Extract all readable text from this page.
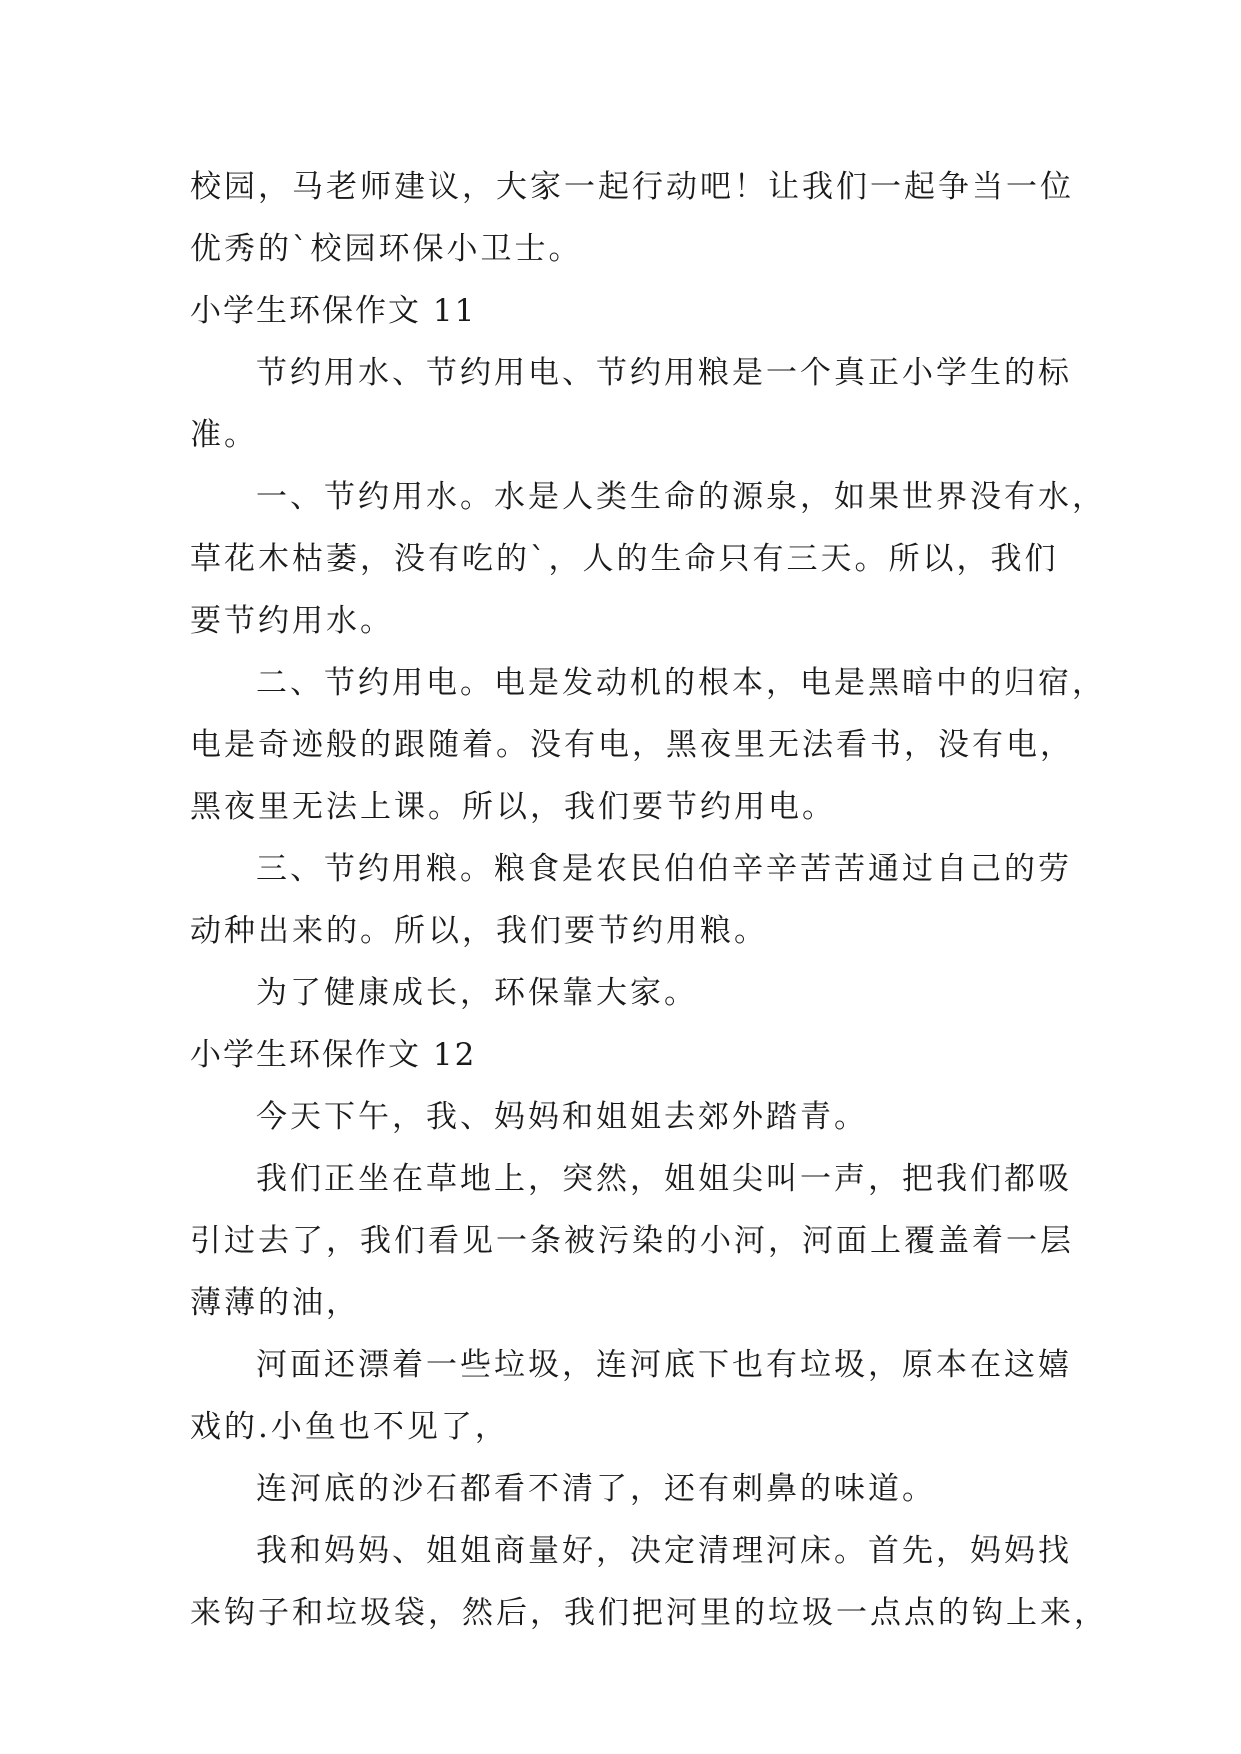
校园，马老师建议，大家一起行动吧！让我们一起争当一位
优秀的`校园环保小卫士。
小学生环保作文 11
节约用水、节约用电、节约用粮是一个真正小学生的标
准。
一、节约用水。水是人类生命的源泉，如果世界没有水，
草花木枯萎，没有吃的`，人的生命只有三天。所以，我们
要节约用水。
二、节约用电。电是发动机的根本，电是黑暗中的归宿，
电是奇迹般的跟随着。没有电，黑夜里无法看书，没有电，
黑夜里无法上课。所以，我们要节约用电。
三、节约用粮。粮食是农民伯伯辛辛苦苦通过自己的劳
动种出来的。所以，我们要节约用粮。
为了健康成长，环保靠大家。
小学生环保作文 12
今天下午，我、妈妈和姐姐去郊外踏青。
我们正坐在草地上，突然，姐姐尖叫一声，把我们都吸
引过去了，我们看见一条被污染的小河，河面上覆盖着一层
薄薄的油，
河面还漂着一些垃圾，连河底下也有垃圾，原本在这嬉
戏的.小鱼也不见了，
连河底的沙石都看不清了，还有刺鼻的味道。
我和妈妈、姐姐商量好，决定清理河床。首先，妈妈找
来钩子和垃圾袋，然后，我们把河里的垃圾一点点的钩上来，
